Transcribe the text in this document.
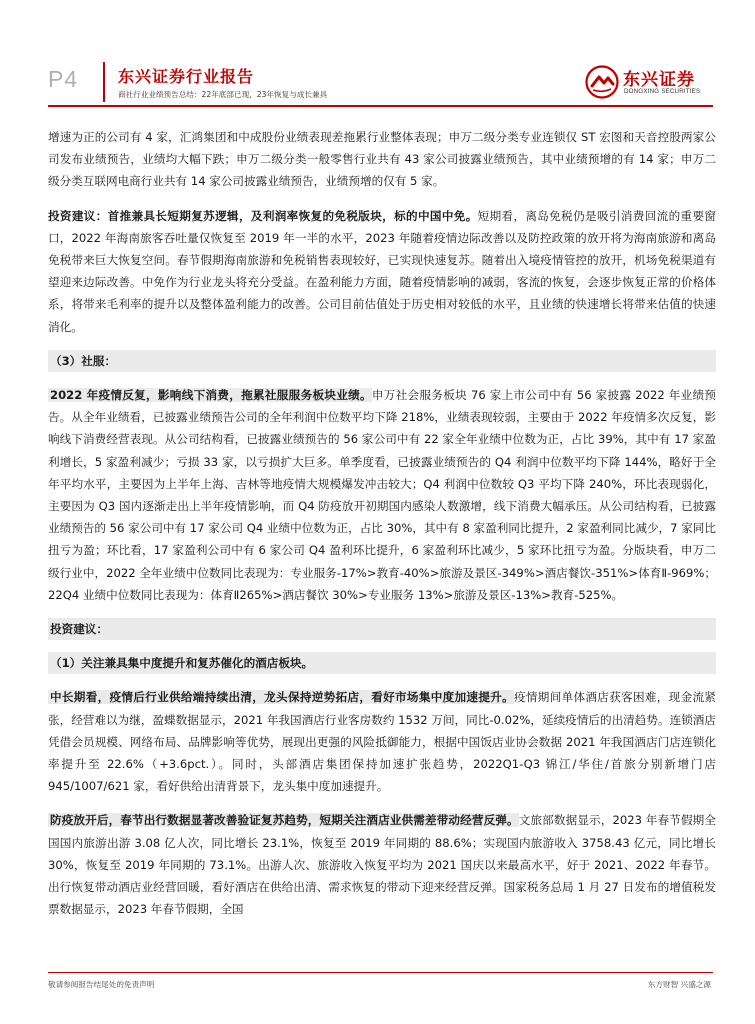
P4 东兴证券行业报告
商社行业业绩预告总结：22年底部已现，23年恢复与成长兼具
东兴证券
DONGXING SECURITIES

增速为正的公司有 4 家，汇鸿集团和中成股份业绩表现差拖累行业整体表现；申万二级分类专业连锁仅 ST 宏图和天音控股两家公司发布业绩预告，业绩均大幅下跌；申万二级分类一般零售行业共有 43 家公司披露业绩预告，其中业绩预增的有 14 家；申万二级分类互联网电商行业共有 14 家公司披露业绩预告，业绩预增的仅有 5 家。

投资建议：首推兼具长短期复苏逻辑，及利润率恢复的免税版块，标的中国中免。短期看，离岛免税仍是吸引消费回流的重要窗口，2022 年海南旅客吞吐量仅恢复至 2019 年一半的水平，2023 年随着疫情边际改善以及防控政策的放开将为海南旅游和离岛免税带来巨大恢复空间。春节假期海南旅游和免税销售表现较好，已实现快速复苏。随着出入境疫情管控的放开，机场免税渠道有望迎来边际改善。中免作为行业龙头将充分受益。在盈利能力方面，随着疫情影响的减弱，客流的恢复，会逐步恢复正常的价格体系，将带来毛利率的提升以及整体盈利能力的改善。公司目前估值处于历史相对较低的水平，且业绩的快速增长将带来估值的快速消化。

（3）社服：

2022 年疫情反复，影响线下消费，拖累社服服务板块业绩。申万社会服务板块 76 家上市公司中有 56 家披露 2022 年业绩预告。从全年业绩看，已披露业绩预告公司的全年利润中位数平均下降 218%，业绩表现较弱，主要由于 2022 年疫情多次反复，影响线下消费经营表现。从公司结构看，已披露业绩预告的 56 家公司中有 22 家全年业绩中位数为正，占比 39%，其中有 17 家盈利增长，5 家盈利减少；亏损 33 家，以亏损扩大巨多。单季度看，已披露业绩预告的 Q4 利润中位数平均下降 144%，略好于全年平均水平，主要因为上半年上海、吉林等地疫情大规模爆发冲击较大；Q4 利润中位数较 Q3 平均下降 240%，环比表现弱化，主要因为 Q3 国内逐渐走出上半年疫情影响，而 Q4 防疫放开初期国内感染人数激增，线下消费大幅承压。从公司结构看，已披露业绩预告的 56 家公司中有 17 家公司 Q4 业绩中位数为正，占比 30%，其中有 8 家盈利同比提升，2 家盈利同比减少，7 家同比扭亏为盈；环比看，17 家盈利公司中有 6 家公司 Q4 盈利环比提升，6 家盈利环比减少，5 家环比扭亏为盈。分版块看，申万二级行业中，2022 全年业绩中位数同比表现为：专业服务-17%>教育-40%>旅游及景区-349%>酒店餐饮-351%>体育Ⅱ-969%；22Q4 业绩中位数同比表现为：体育Ⅱ265%>酒店餐饮 30%>专业服务 13%>旅游及景区-13%>教育-525%。

投资建议：

（1）关注兼具集中度提升和复苏催化的酒店板块。

中长期看，疫情后行业供给端持续出清，龙头保持逆势拓店，看好市场集中度加速提升。疫情期间单体酒店获客困难，现金流紧张，经营难以为继，盈蝶数据显示，2021 年我国酒店行业客房数约 1532 万间，同比-0.02%，延续疫情后的出清趋势。连锁酒店凭借会员规模、网络布局、品牌影响等优势，展现出更强的风险抵御能力，根据中国饭店业协会数据 2021 年我国酒店门店连锁化率提升至 22.6%（+3.6pct.）。同时，头部酒店集团保持加速扩张趋势，2022Q1-Q3 锦江/华住/首旅分别新增门店 945/1007/621 家，看好供给出清背景下，龙头集中度加速提升。

防疫放开后，春节出行数据显著改善验证复苏趋势，短期关注酒店业供需差带动经营反弹。文旅部数据显示，2023 年春节假期全国国内旅游出游 3.08 亿人次，同比增长 23.1%，恢复至 2019 年同期的 88.6%；实现国内旅游收入 3758.43 亿元，同比增长 30%，恢复至 2019 年同期的 73.1%。出游人次、旅游收入恢复平均为 2021 国庆以来最高水平，好于 2021、2022 年春节。出行恢复带动酒店业经营回暖，看好酒店在供给出清、需求恢复的带动下迎来经营反弹。国家税务总局 1 月 27 日发布的增值税发票数据显示，2023 年春节假期，全国

敬请参阅报告结尾处的免责声明	东方财智 兴盛之源
